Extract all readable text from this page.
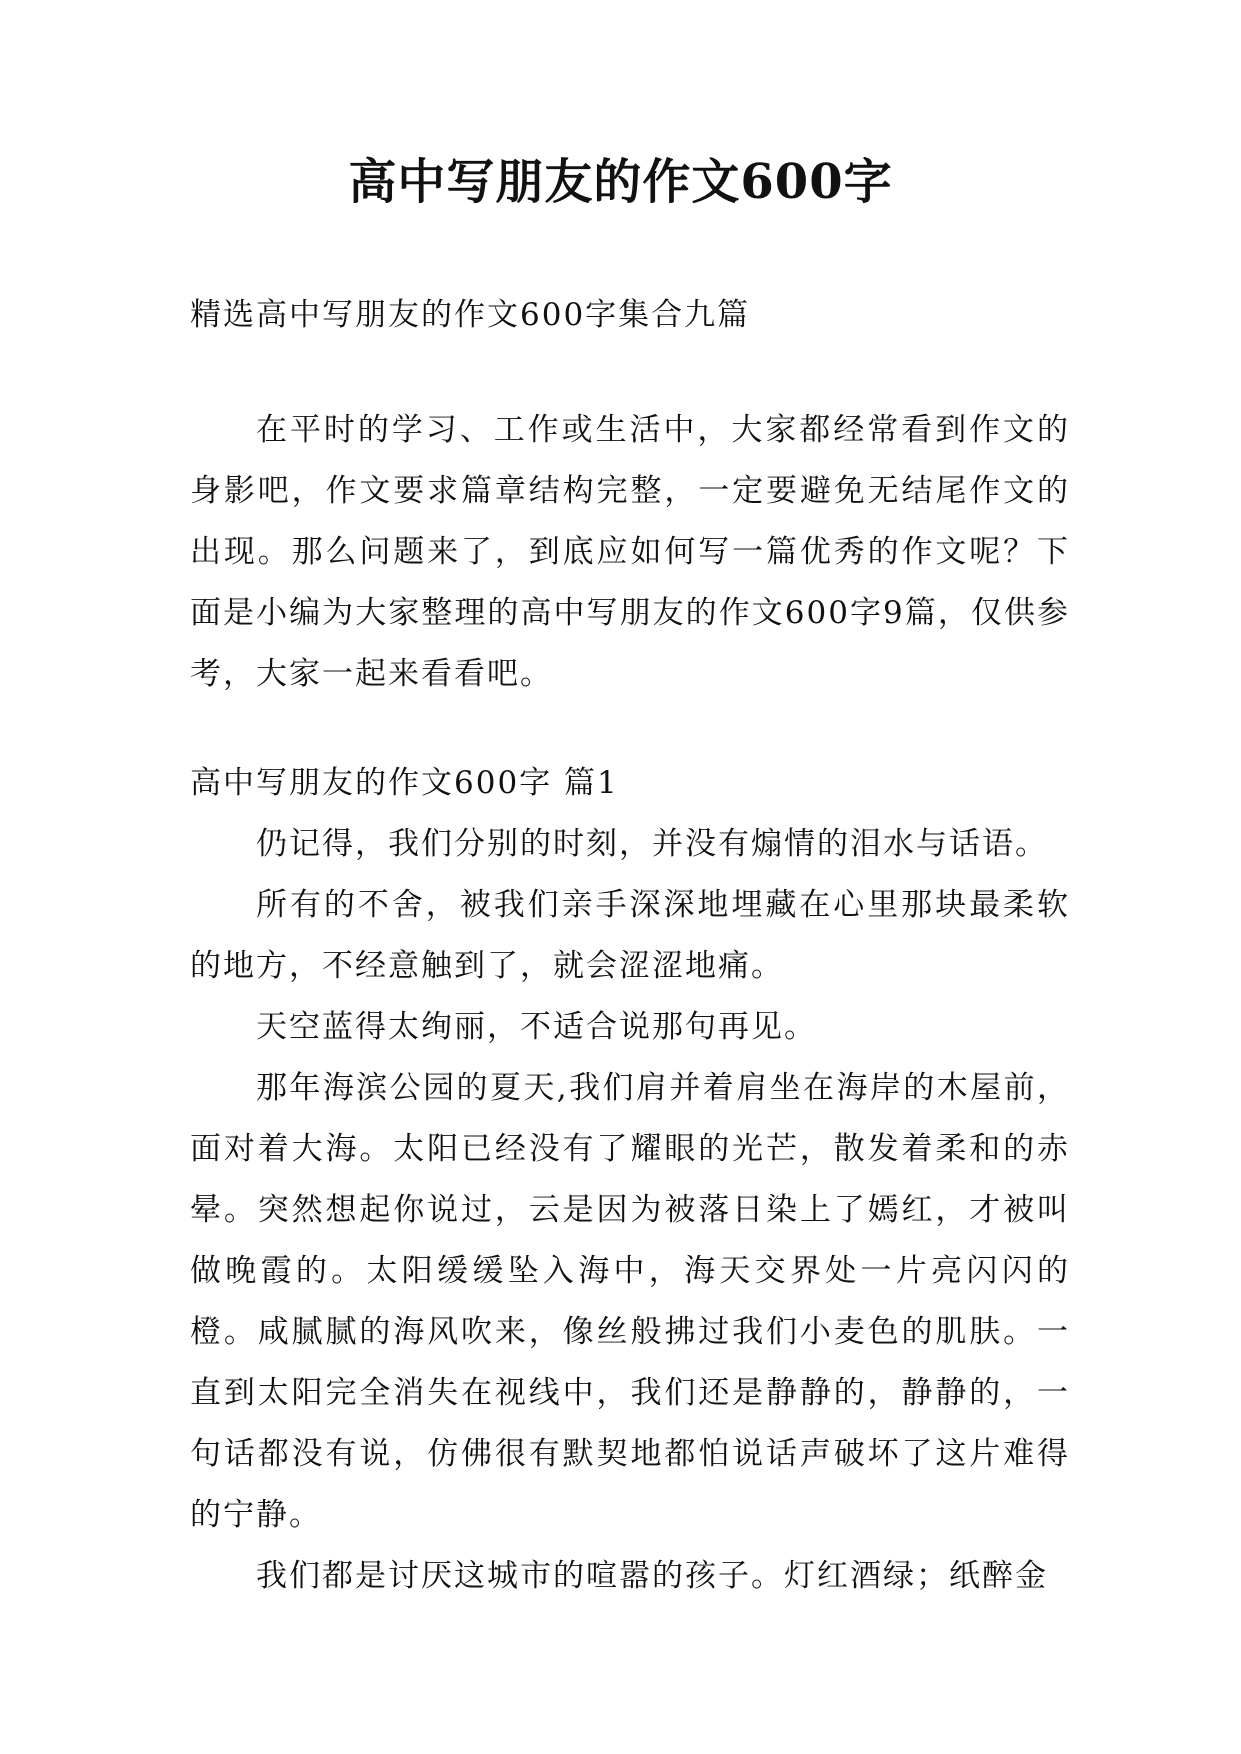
高中写朋友的作文600字
精选高中写朋友的作文600字集合九篇

在平时的学习、工作或生活中，大家都经常看到作文的身影吧，作文要求篇章结构完整，一定要避免无结尾作文的出现。那么问题来了，到底应如何写一篇优秀的作文呢？下面是小编为大家整理的高中写朋友的作文600字9篇，仅供参考，大家一起来看看吧。

高中写朋友的作文600字 篇1

仍记得，我们分别的时刻，并没有煽情的泪水与话语。

所有的不舍，被我们亲手深深地埋藏在心里那块最柔软的地方，不经意触到了，就会涩涩地痛。

天空蓝得太绚丽，不适合说那句再见。

那年海滨公园的夏天,我们肩并着肩坐在海岸的木屋前，面对着大海。太阳已经没有了耀眼的光芒，散发着柔和的赤晕。突然想起你说过，云是因为被落日染上了嫣红，才被叫做晚霞的。太阳缓缓坠入海中，海天交界处一片亮闪闪的橙。咸腻腻的海风吹来，像丝般拂过我们小麦色的肌肤。一直到太阳完全消失在视线中，我们还是静静的，静静的，一句话都没有说，仿佛很有默契地都怕说话声破坏了这片难得的宁静。

我们都是讨厌这城市的喧嚣的孩子。灯红酒绿；纸醉金
